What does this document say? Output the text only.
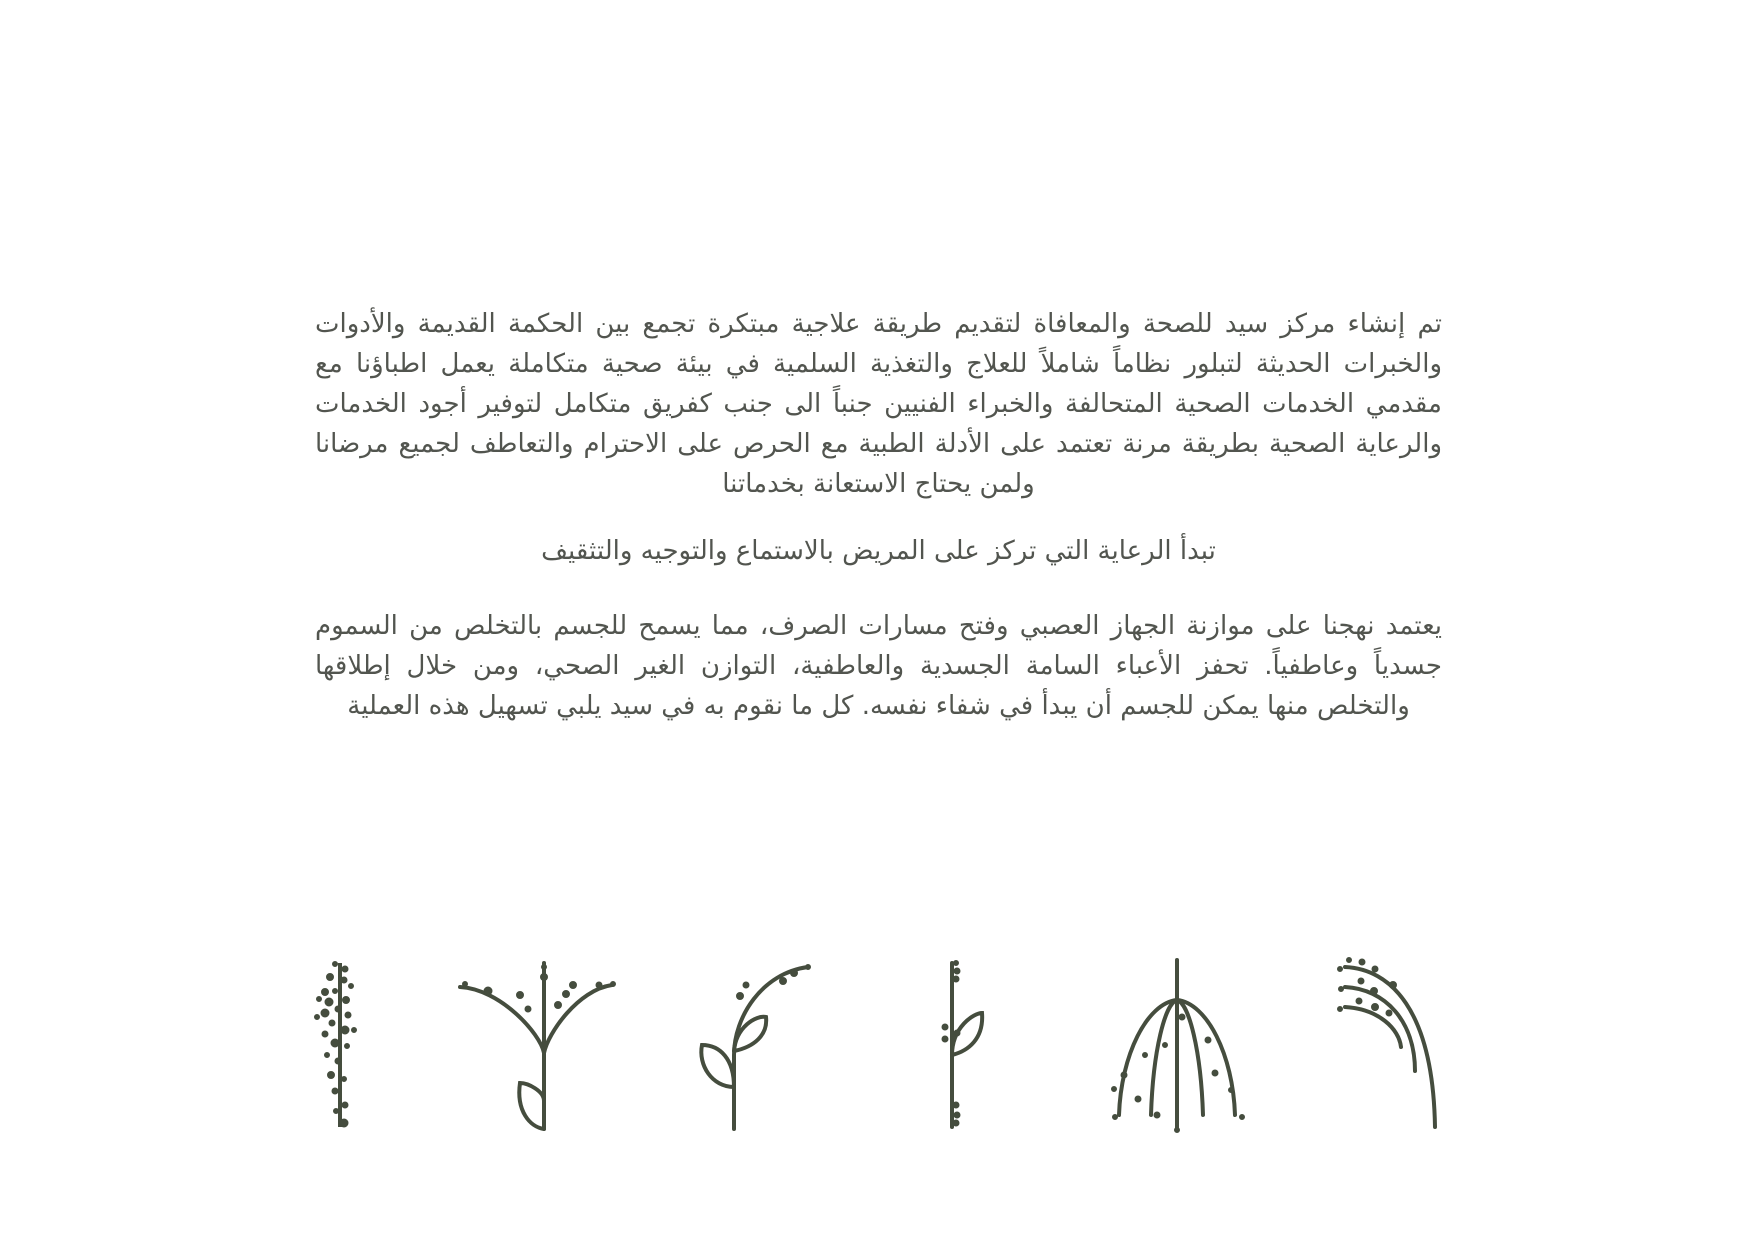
تم إنشاء مركز سيد للصحة والمعافاة لتقديم طريقة علاجية مبتكرة تجمع بين الحكمة القديمة والأدوات والخبرات الحديثة لتبلور نظاماً شاملاً للعلاج والتغذية السلمية في بيئة صحية متكاملة يعمل اطباؤنا مع مقدمي الخدمات الصحية المتحالفة والخبراء الفنيين جنباً الى جنب كفريق متكامل لتوفير أجود الخدمات والرعاية الصحية بطريقة مرنة تعتمد على الأدلة الطبية مع الحرص على الاحترام والتعاطف لجميع مرضانا ولمن يحتاج الاستعانة بخدماتنا

تبدأ الرعاية التي تركز على المريض بالاستماع والتوجيه والتثقيف

يعتمد نهجنا على موازنة الجهاز العصبي وفتح مسارات الصرف، مما يسمح للجسم بالتخلص من السموم جسدياً وعاطفياً. تحفز الأعباء السامة الجسدية والعاطفية، التوازن الغير الصحي، ومن خلال إطلاقها والتخلص منها يمكن للجسم أن يبدأ في شفاء نفسه. كل ما نقوم به في سيد يلبي تسهيل هذه العملية
